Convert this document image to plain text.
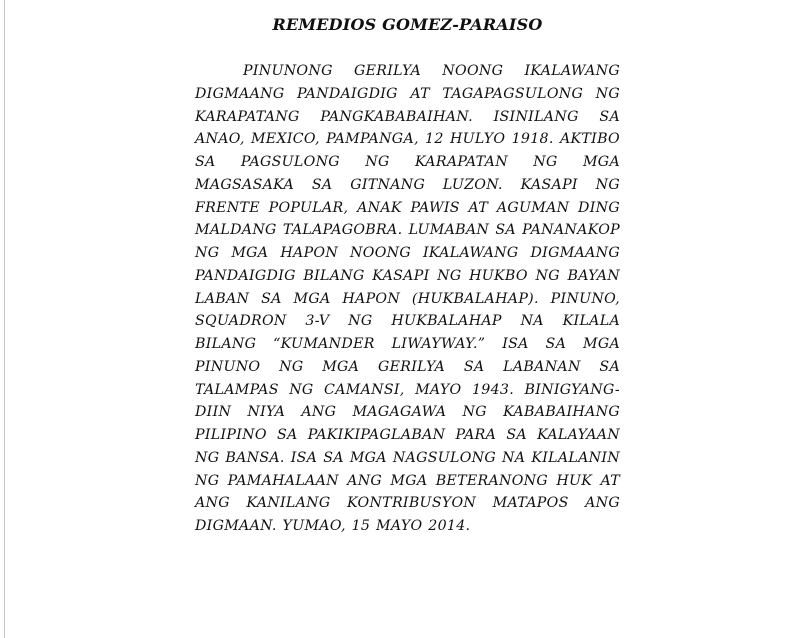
REMEDIOS GOMEZ-PARAISO

PINUNONG GERILYA NOONG IKALAWANG DIGMAANG PANDAIGDIG AT TAGAPAGSULONG NG KARAPATANG PANGKABABAIHAN. ISINILANG SA ANAO, MEXICO, PAMPANGA, 12 HULYO 1918. AKTIBO SA PAGSULONG NG KARAPATAN NG MGA MAGSASAKA SA GITNANG LUZON. KASAPI NG FRENTE POPULAR, ANAK PAWIS AT AGUMAN DING MALDANG TALAPAGOBRA. LUMABAN SA PANANAKOP NG MGA HAPON NOONG IKALAWANG DIGMAANG PANDAIGDIG BILANG KASAPI NG HUKBO NG BAYAN LABAN SA MGA HAPON (HUKBALAHAP). PINUNO, SQUADRON 3-V NG HUKBALAHAP NA KILALA BILANG “KUMANDER LIWAYWAY.” ISA SA MGA PINUNO NG MGA GERILYA SA LABANAN SA TALAMPAS NG CAMANSI, MAYO 1943. BINIGYANG-DIIN NIYA ANG MAGAGAWA NG KABABAIHANG PILIPINO SA PAKIKIPAGLABAN PARA SA KALAYAAN NG BANSA. ISA SA MGA NAGSULONG NA KILALANIN NG PAMAHALAAN ANG MGA BETERANONG HUK AT ANG KANILANG KONTRIBUSYON MATAPOS ANG DIGMAAN. YUMAO, 15 MAYO 2014.
